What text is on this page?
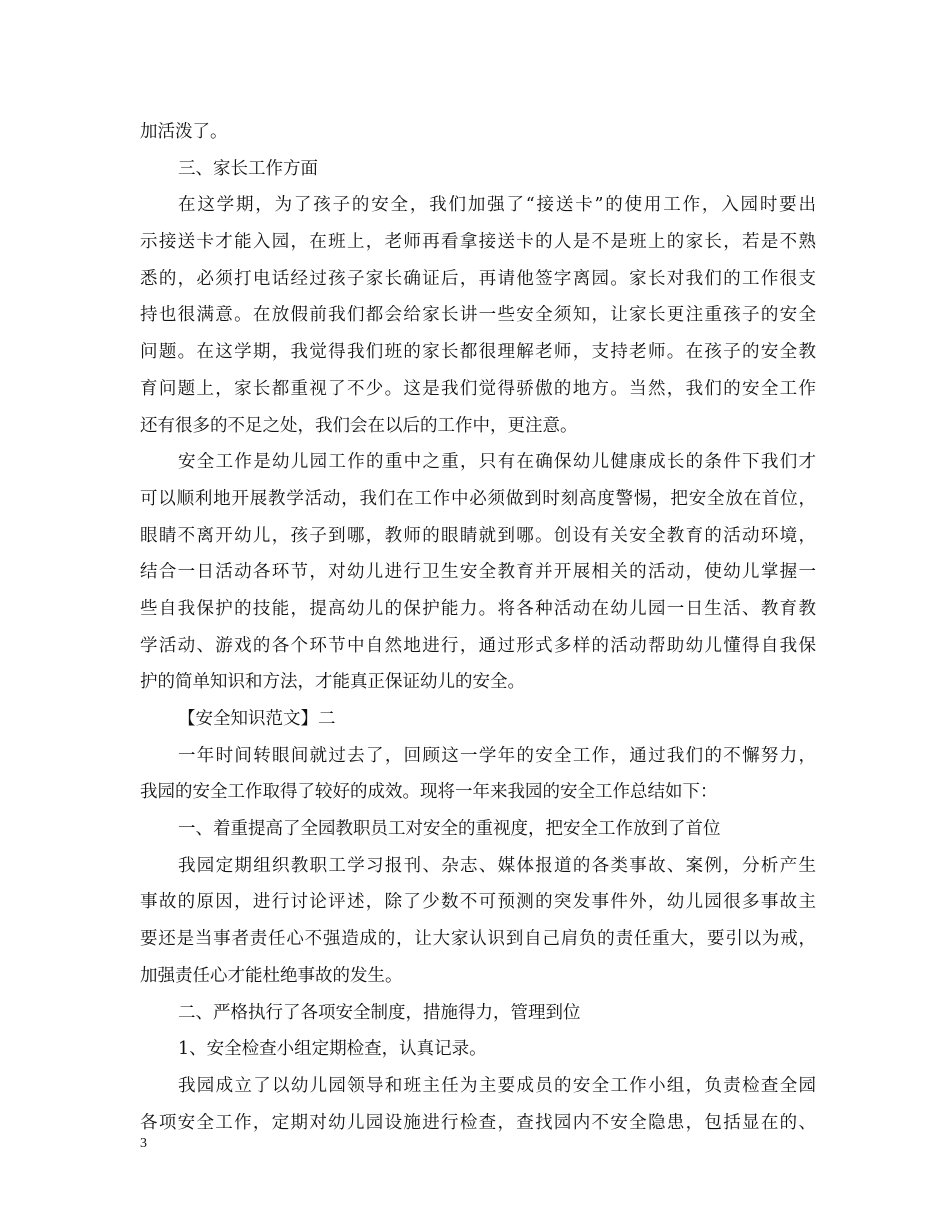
加活泼了。
三、家长工作方面
在这学期，为了孩子的安全，我们加强了“接送卡”的使用工作，入园时要出
示接送卡才能入园，在班上，老师再看拿接送卡的人是不是班上的家长，若是不熟
悉的，必须打电话经过孩子家长确证后，再请他签字离园。家长对我们的工作很支
持也很满意。在放假前我们都会给家长讲一些安全须知，让家长更注重孩子的安全
问题。在这学期，我觉得我们班的家长都很理解老师，支持老师。在孩子的安全教
育问题上，家长都重视了不少。这是我们觉得骄傲的地方。当然，我们的安全工作
还有很多的不足之处，我们会在以后的工作中，更注意。
安全工作是幼儿园工作的重中之重，只有在确保幼儿健康成长的条件下我们才
可以顺利地开展教学活动，我们在工作中必须做到时刻高度警惕，把安全放在首位，
眼睛不离开幼儿，孩子到哪，教师的眼睛就到哪。创设有关安全教育的活动环境，
结合一日活动各环节，对幼儿进行卫生安全教育并开展相关的活动，使幼儿掌握一
些自我保护的技能，提高幼儿的保护能力。将各种活动在幼儿园一日生活、教育教
学活动、游戏的各个环节中自然地进行，通过形式多样的活动帮助幼儿懂得自我保
护的简单知识和方法，才能真正保证幼儿的安全。
【安全知识范文】二
一年时间转眼间就过去了，回顾这一学年的安全工作，通过我们的不懈努力，
我园的安全工作取得了较好的成效。现将一年来我园的安全工作总结如下：
一、着重提高了全园教职员工对安全的重视度，把安全工作放到了首位
我园定期组织教职工学习报刊、杂志、媒体报道的各类事故、案例，分析产生
事故的原因，进行讨论评述，除了少数不可预测的突发事件外，幼儿园很多事故主
要还是当事者责任心不强造成的，让大家认识到自己肩负的责任重大，要引以为戒，
加强责任心才能杜绝事故的发生。
二、严格执行了各项安全制度，措施得力，管理到位
1、安全检查小组定期检查，认真记录。
我园成立了以幼儿园领导和班主任为主要成员的安全工作小组，负责检查全园
各项安全工作，定期对幼儿园设施进行检查，查找园内不安全隐患，包括显在的、
3
